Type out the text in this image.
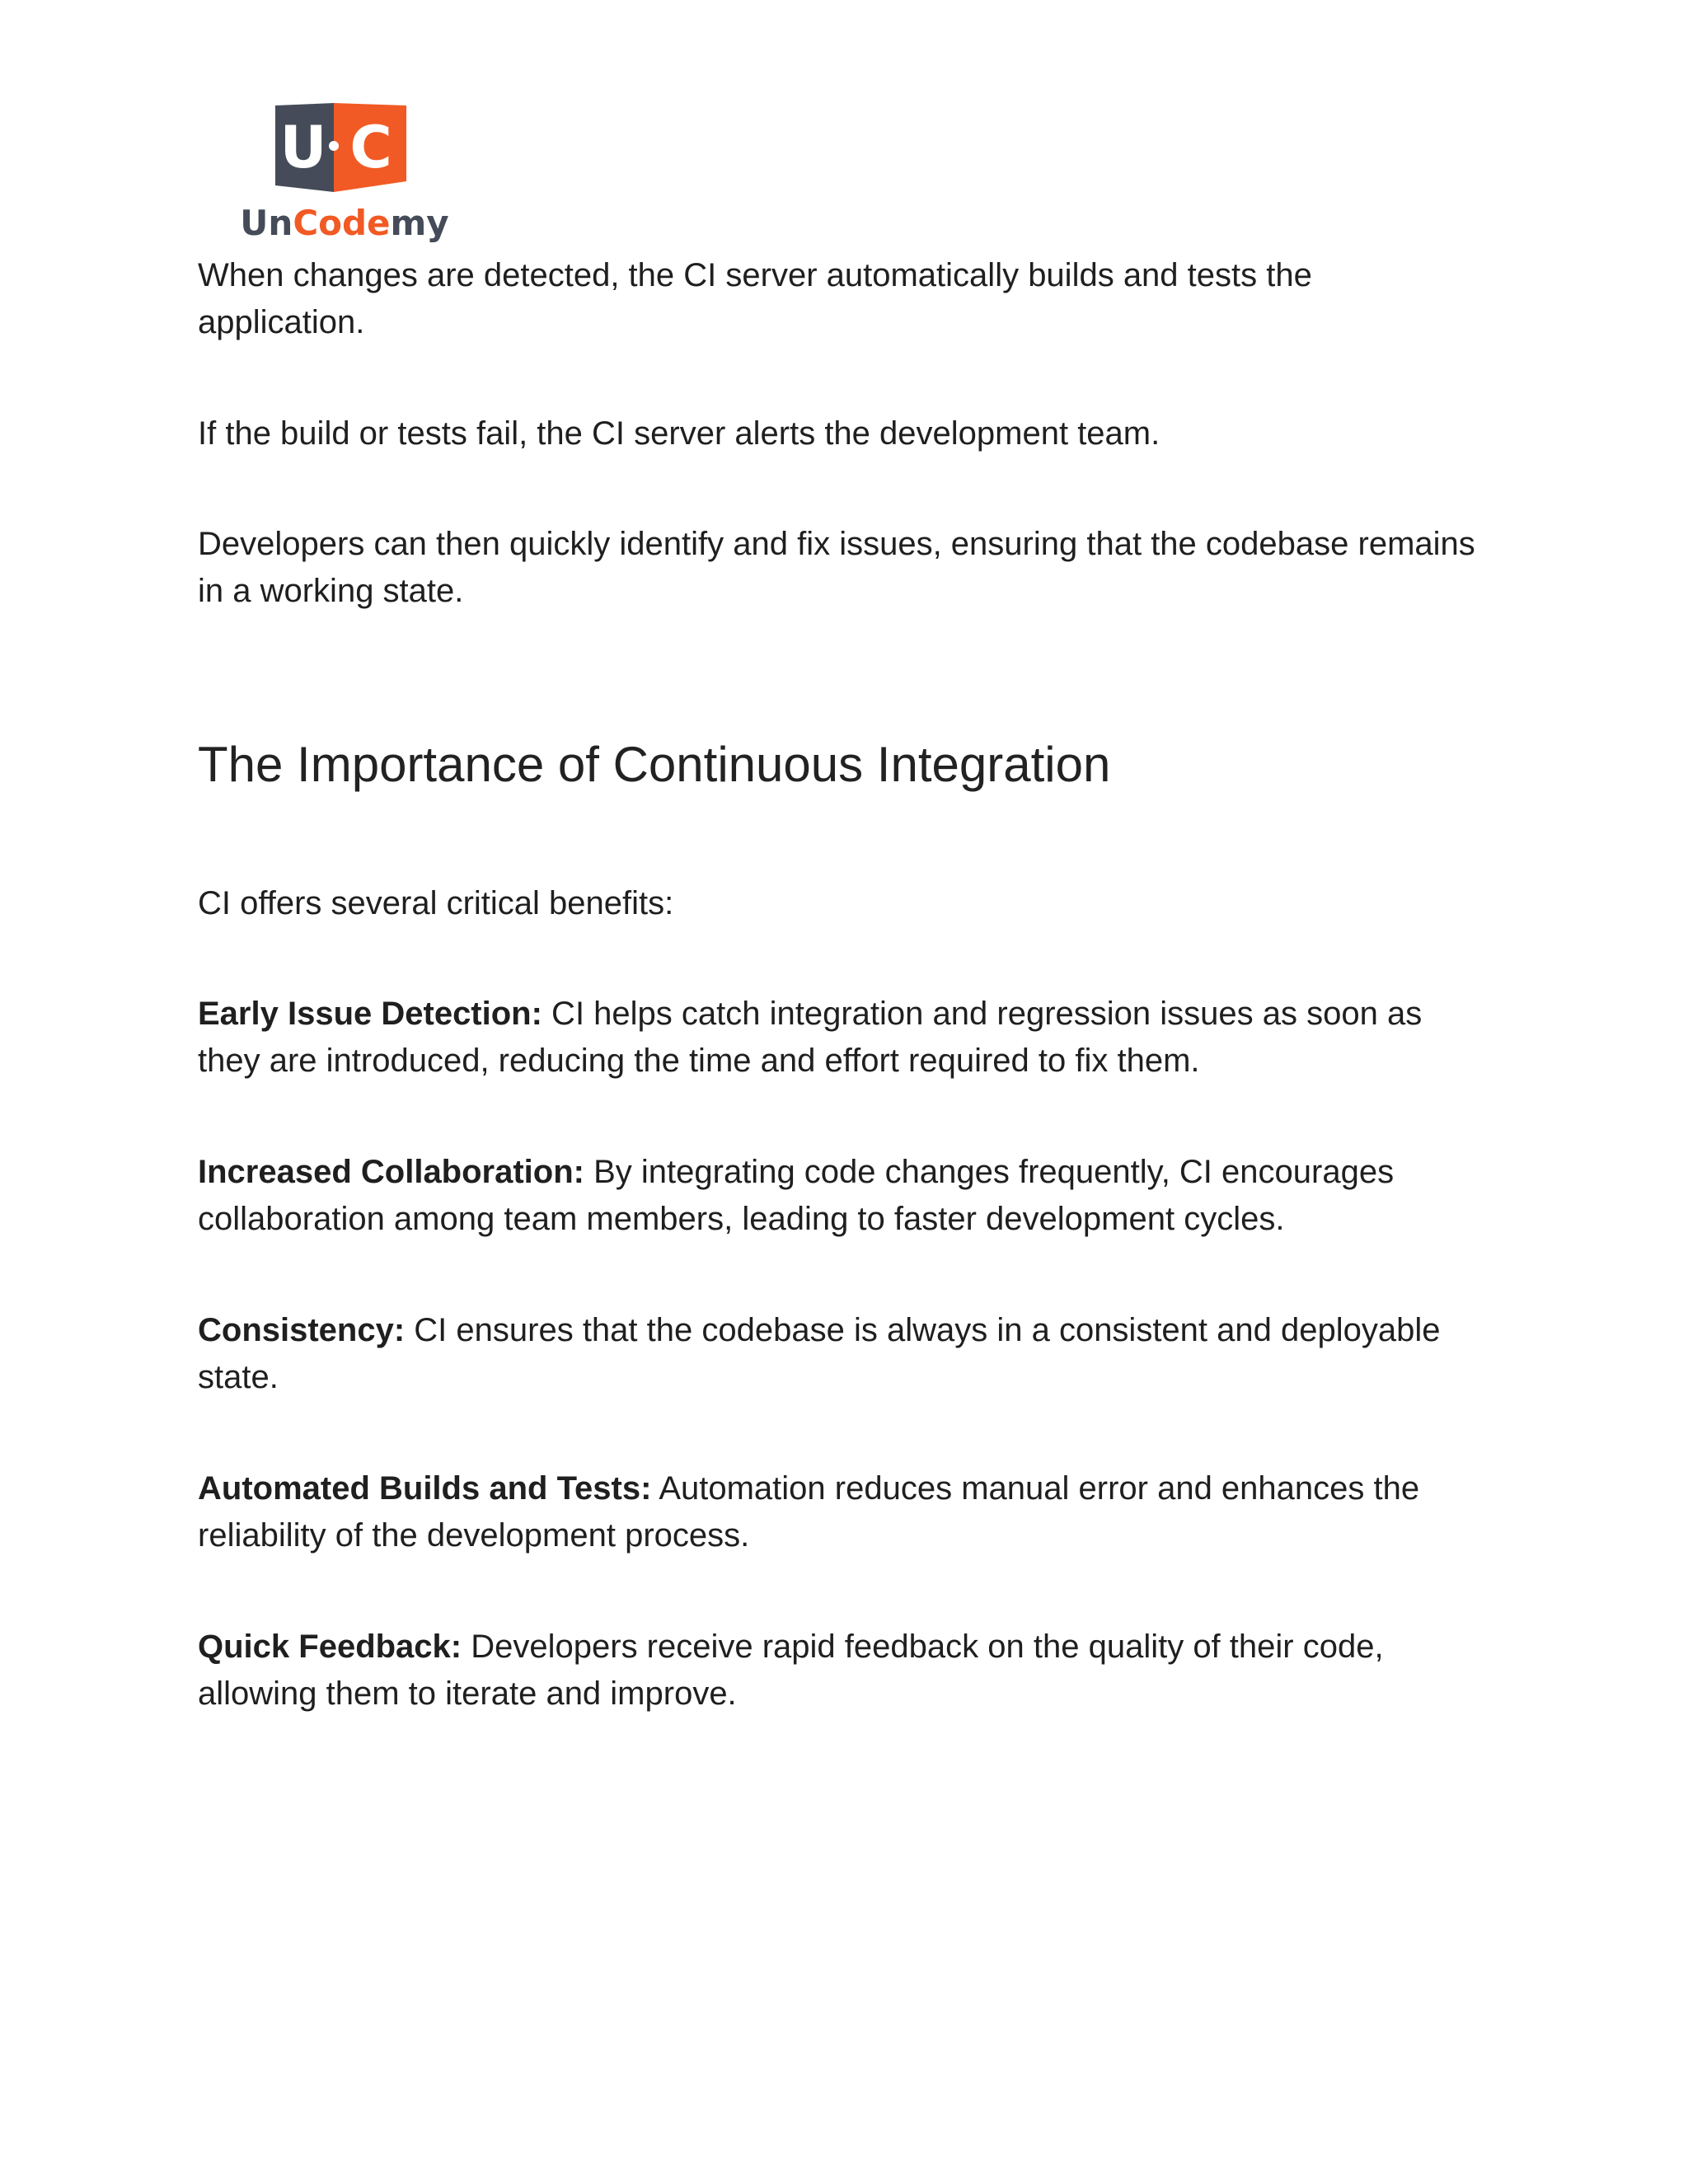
U C
UnCodemy

When changes are detected, the CI server automatically builds and tests the application.

If the build or tests fail, the CI server alerts the development team.

Developers can then quickly identify and fix issues, ensuring that the codebase remains in a working state.

The Importance of Continuous Integration

CI offers several critical benefits:

Early Issue Detection: CI helps catch integration and regression issues as soon as they are introduced, reducing the time and effort required to fix them.

Increased Collaboration: By integrating code changes frequently, CI encourages collaboration among team members, leading to faster development cycles.

Consistency: CI ensures that the codebase is always in a consistent and deployable state.

Automated Builds and Tests: Automation reduces manual error and enhances the reliability of the development process.

Quick Feedback: Developers receive rapid feedback on the quality of their code, allowing them to iterate and improve.
